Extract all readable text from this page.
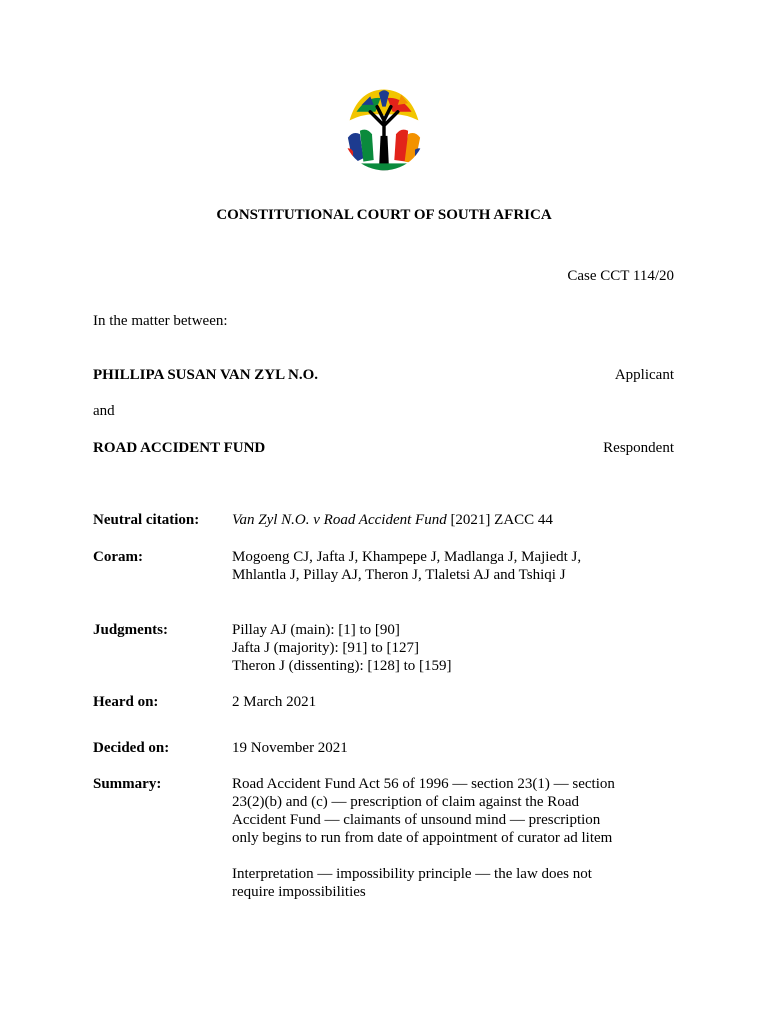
CONSTITUTIONAL COURT OF SOUTH AFRICA
Case CCT 114/20
In the matter between:
PHILLIPA SUSAN VAN ZYL N.O.	Applicant
and
ROAD ACCIDENT FUND	Respondent
Neutral citation:	Van Zyl N.O. v Road Accident Fund [2021] ZACC 44
Coram:	Mogoeng CJ, Jafta J, Khampepe J, Madlanga J, Majiedt J,
Mhlantla J, Pillay AJ, Theron J, Tlaletsi AJ and Tshiqi J
Judgments:	Pillay AJ (main): [1] to [90]
Jafta J (majority): [91] to [127]
Theron J (dissenting): [128] to [159]
Heard on:	2 March 2021
Decided on:	19 November 2021
Summary:	Road Accident Fund Act 56 of 1996 — section 23(1) — section
23(2)(b) and (c) — prescription of claim against the Road
Accident Fund — claimants of unsound mind — prescription
only begins to run from date of appointment of curator ad litem

Interpretation — impossibility principle — the law does not
require impossibilities
